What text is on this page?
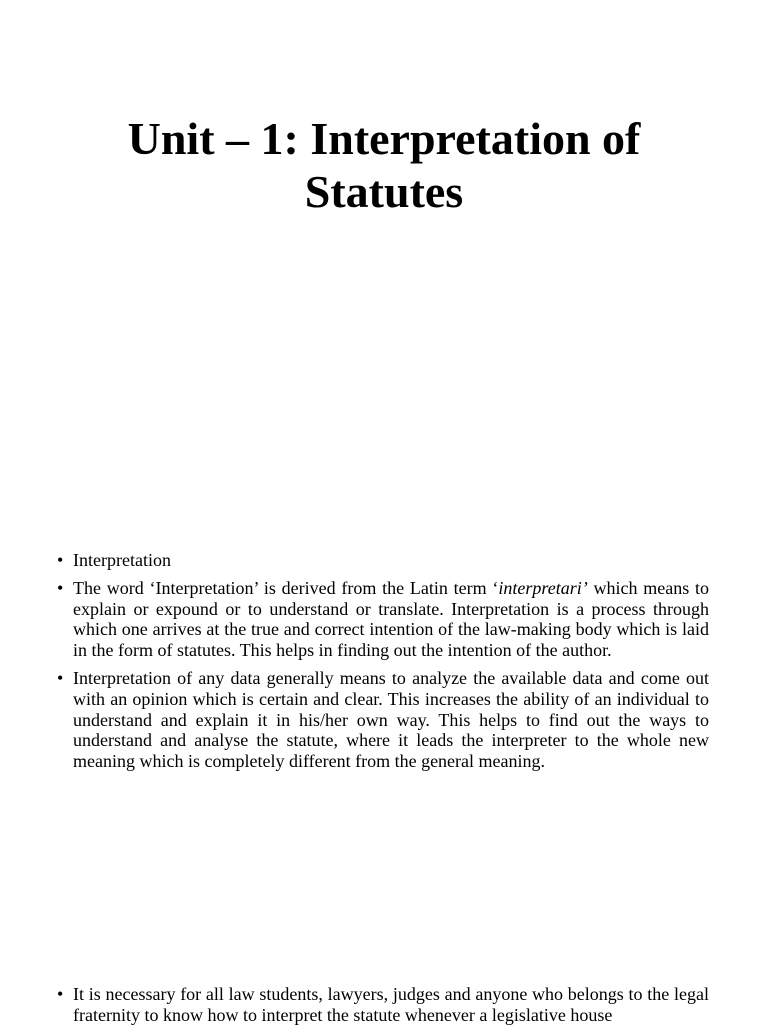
Unit – 1: Interpretation of Statutes
• Interpretation
• The word ‘Interpretation’ is derived from the Latin term ‘interpretari’ which means to explain or expound or to understand or translate. Interpretation is a process through which one arrives at the true and correct intention of the law-making body which is laid in the form of statutes. This helps in finding out the intention of the author.
• Interpretation of any data generally means to analyze the available data and come out with an opinion which is certain and clear. This increases the ability of an individual to understand and explain it in his/her own way. This helps to find out the ways to understand and analyse the statute, where it leads the interpreter to the whole new meaning which is completely different from the general meaning.
• It is necessary for all law students, lawyers, judges and anyone who belongs to the legal fraternity to know how to interpret the statute whenever a legislative house
